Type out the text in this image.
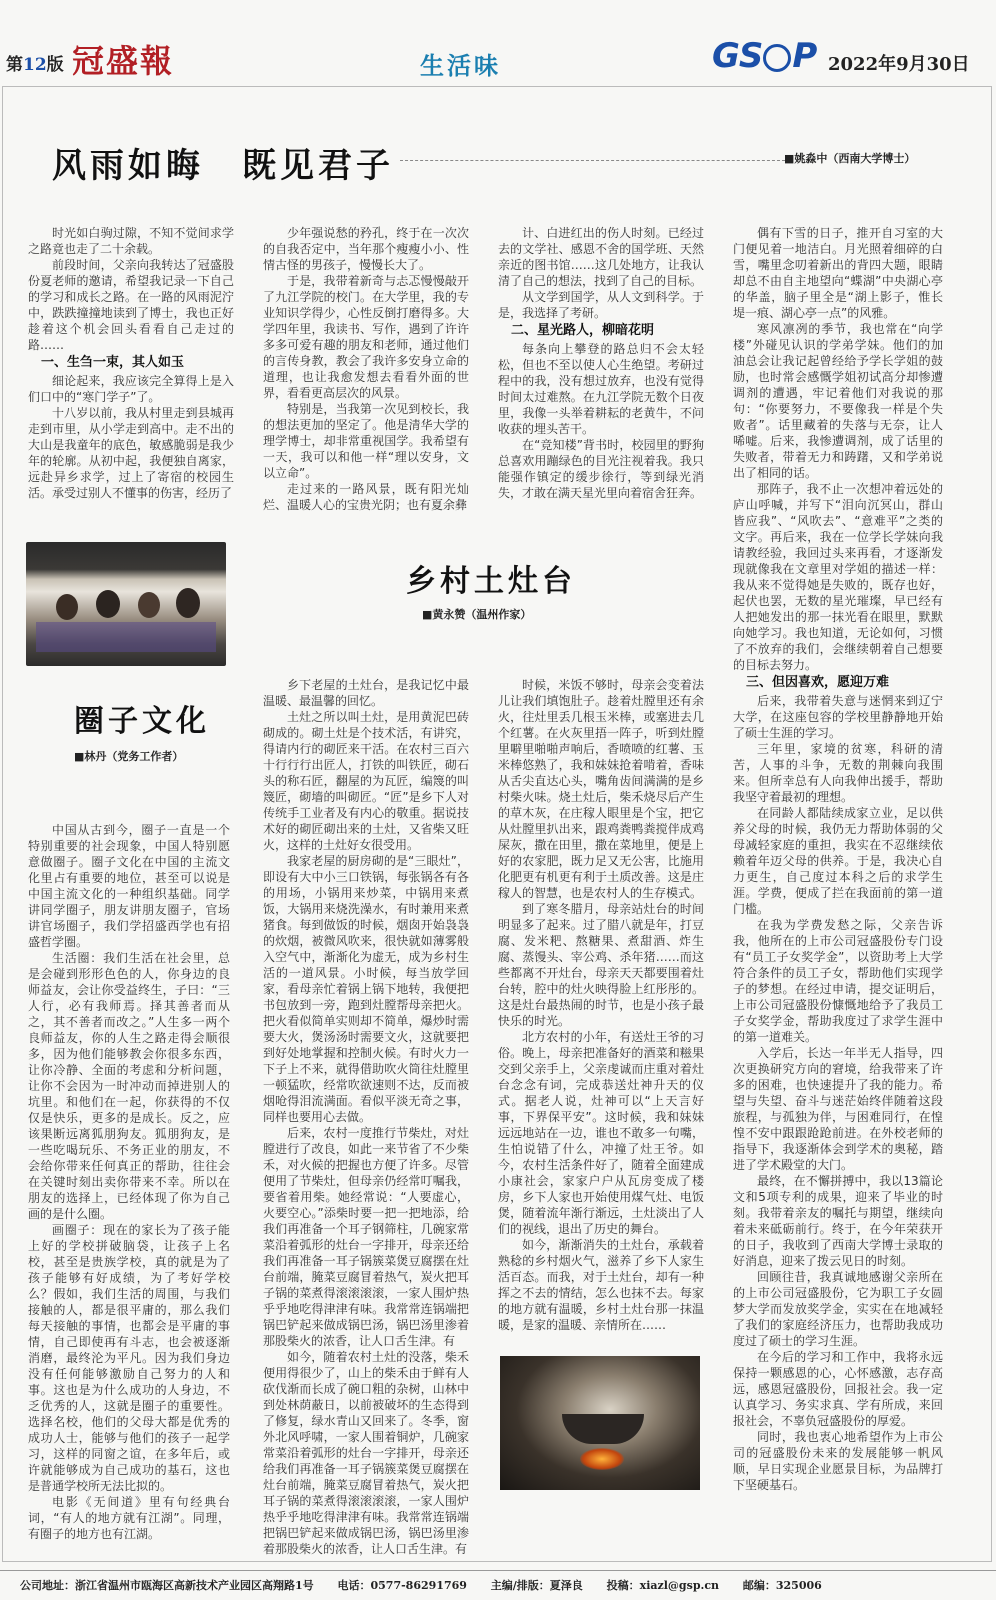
第12版 冠盛報	生活味	GS P 2022年9月30日
风雨如晦　既见君子	■姚淼中（西南大学博士）

时光如白驹过隙，不知不觉间求学之路竟也走了二十余载。

前段时间，父亲向我转达了冠盛股份夏老师的邀请，希望我记录一下自己的学习和成长之路。在一路的风雨泥泞中，跌跌撞撞地读到了博士，我也正好趁着这个机会回头看看自己走过的路……

一、生刍一束，其人如玉

细论起来，我应该完全算得上是入们口中的“寒门学子”了。

十八岁以前，我从村里走到县城再走到市里，从小学走到高中。走不出的大山是我童年的底色，敏感脆弱是我少年的轮廓。从初中起，我便独自离家，远赴异乡求学，过上了寄宿的校园生活。承受过别人不懂事的伤害，经历了

少年强说愁的矜孔，终于在一次次的自我否定中，当年那个瘦瘦小小、性情古怪的男孩子，慢慢长大了。

于是，我带着新奇与忐忑慢慢敲开了九江学院的校门。在大学里，我的专业知识学得少，心性反倒打磨得多。大学四年里，我读书、写作，遇到了许许多多可爱有趣的朋友和老师，通过他们的言传身教，教会了我许多安身立命的道理，也让我愈发想去看看外面的世界，看看更高层次的风景。

特别是，当我第一次见到校长，我的想法更加的坚定了。他是清华大学的理学博士，却非常重视国学。我希望有一天，我可以和他一样“理以安身，文以立命”。

走过来的一路风景，既有阳光灿烂、温暖人心的宝贵光阴；也有夏余彝

计、白进红出的伤人时刻。已经过去的文学社、感恩不舍的国学班、天然亲近的图书馆……这几处地方，让我认清了自己的想法，找到了自己的目标。

从文学到国学，从人文到科学。于是，我选择了考研。

二、星光路人，柳暗花明

每条向上攀登的路总归不会太轻松，但也不至以使人心生绝望。考研过程中的我，没有想过放弃，也没有觉得时间太过难熬。在九江学院无数个日夜里，我像一头举着耕耘的老黄牛，不问收获的埋头苦干。

在“竞知楼”背书时，校园里的野狗总喜欢用蹦绿色的目光注视着我。我只能强作镇定的缓步徐行，等到绿光消失，才敢在满天星光里向着宿舍狂奔。

偶有下雪的日子，推开自习室的大门便见着一地洁白。月光照着细碎的白雪，嘴里念叨着新出的背四大题，眼睛却总不由自主地望向“蝶湖”中央湖心亭的华盖，脑子里全是“湖上影子，惟长堤一痕、湖心亭一点”的风雅。

寒风凛冽的季节，我也常在“向学楼”外碰见认识的学弟学妹。他们的加油总会让我记起曾经给予学长学姐的鼓励，也时常会感慨学姐初试高分却惨遭调剂的遭遇，牢记着他们对我说的那句：“你要努力，不要像我一样是个失败者”。话里藏着的失落与无奈，让人唏嘘。后来，我惨遭调剂，成了话里的失败者，带着无力和踌躇，又和学弟说出了相同的话。

那阵子，我不止一次想冲着远处的庐山呼喊，并写下“泪向沉冥山，群山皆应我”、“风吹去”、“意难平”之类的文字。再后来，我在一位学长学妹向我请教经验，我回过头来再看，才逐渐发现就像我在文章里对学姐的描述一样：我从来不觉得她是失败的，既存也好，起伏也罢，无数的星光璀璨，早已经有人把她发出的那一抹光看在眼里，默默向她学习。我也知道，无论如何，习惯了不放弃的我们，会继续朝着自己想要的目标去努力。

三、但因喜欢，愿迎万难

后来，我带着失意与迷惘来到辽宁大学，在这座包容的学校里静静地开始了硕士生涯的学习。

三年里，家境的贫寒，科研的清苦，人事的斗争，无数的荆棘向我围来。但所幸总有人向我伸出援手，帮助我坚守着最初的理想。

在同龄人都陆续成家立业，足以供养父母的时候，我仍无力帮助体弱的父母减轻家庭的重担，我实在不忍继续依赖着年迈父母的供养。于是，我决心自力更生，自己度过本科之后的求学生涯。学费，便成了拦在我面前的第一道门槛。

在我为学费发愁之际，父亲告诉我，他所在的上市公司冠盛股份专门设有“员工子女奖学金”，以资助考上大学符合条件的员工子女，帮助他们实现学子的梦想。在经过申请，提交证明后，上市公司冠盛股份慷慨地给予了我员工子女奖学金，帮助我度过了求学生涯中的第一道难关。

入学后，长达一年半无人指导，四次更换研究方向的窘境，给我带来了许多的困难，也快速提升了我的能力。希望与失望、奋斗与迷茫始终伴随着这段旅程，与孤独为伴，与困难同行，在惶惶不安中跟跟跄跄前进。在外校老师的指导下，我逐渐体会到学术的奥秘，踏进了学术殿堂的大门。

最终，在不懈拼搏中，我以13篇论文和5项专利的成果，迎来了毕业的时刻。我带着亲友的嘱托与期望，继续向着未来砥砺前行。终于，在今年荣获开的日子，我收到了西南大学博士录取的好消息，迎来了拨云见日的时刻。

回顾往昔，我真诚地感谢父亲所在的上市公司冠盛股份，它为职工子女圆梦大学而发放奖学金，实实在在地减轻了我们的家庭经济压力，也帮助我成功度过了硕士的学习生涯。

在今后的学习和工作中，我将永远保持一颗感恩的心，心怀感激，志存高远，感恩冠盛股份，回报社会。我一定认真学习、务实求真、学有所成，来回报社会，不辜负冠盛股份的厚爱。

同时，我也衷心地希望作为上市公司的冠盛股份未来的发展能够一帆风顺，早日实现企业愿景目标，为品牌打下坚硬基石。

乡村土灶台
■黄永赞（温州作家）

乡下老屋的土灶台，是我记忆中最温暖、最温馨的回忆。

土灶之所以叫土灶，是用黄泥巴砖砌成的。砌土灶是个技术活，有讲究，得请内行的砌匠来干活。在农村三百六十行行行出匠人，打铁的叫铁匠，砌石头的称石匠，翻屋的为瓦匠，编篾的叫篾匠，砌墙的叫砌匠。“匠”是乡下人对传统手工业者及有内心的敬重。据说技术好的砌匠砌出来的土灶，又省柴又旺火，这样的土灶好女很受用。

我家老屋的厨房砌的是“三眼灶”，即设有大中小三口铁锅，每张锅各有各的用场，小锅用来炒菜，中锅用来煮饭，大锅用来烧洗澡水，有时兼用来煮猪食。每到做饭的时候，烟囱开始袅袅的炊烟，被微风吹来，很快就如薄雾般入空气中，渐渐化为虚无，成为乡村生活的一道风景。小时候，每当放学回家，看母亲忙着锅上锅下地转，我便把书包放到一旁，跑到灶膛帮母亲把火。把火看似简单实则却不简单，爆炒时需要大火，煲汤汤时需要文火，这就要把到好处地掌握和控制火候。有时火力一下子上不来，就得借助吹火筒往灶膛里一顿猛吹，经常吹欲速则不达，反而被烟呛得泪流满面。看似平淡无奇之事，同样也要用心去做。

后来，农村一度推行节柴灶，对灶膛进行了改良，如此一来节省了不少柴禾，对火候的把握也方便了许多。尽管便用了节柴灶，但母亲仍经常叮嘱我，要省着用柴。她经常说：“人要虚心，火要空心。”添柴时要一把一把地添，给我们再准备一个耳子钢筛柱，几碗家常菜沿着弧形的灶台一字排开，母亲还给我们再准备一耳子锅簇菜煲豆腐摆在灶台前端，腌菜豆腐冒着热气，炭火把耳子锅的菜煮得滚滚滚滚，一家人围炉热乎乎地吃得津津有味。我常常连锅端把锅巴铲起来做成锅巴汤，锅巴汤里渗着那股柴火的浓香，让人口舌生津。有

如今，随着农村土灶的没落，柴禾便用得很少了，山上的柴禾由于鲜有人砍伐渐而长成了碗口粗的杂树，山林中到处林荫蔽日，以前被破坏的生态得到了修复，绿水青山又回来了。冬季，窗外北风呼啸，一家人围着铜炉，几碗家常菜沿着弧形的灶台一字排开，母亲还给我们再准备一耳子锅簇菜煲豆腐摆在灶台前端，腌菜豆腐冒着热气，炭火把耳子锅的菜煮得滚滚滚滚，一家人围炉热乎乎地吃得津津有味。我常常连锅端把锅巴铲起来做成锅巴汤，锅巴汤里渗着那股柴火的浓香，让人口舌生津。有

时候，米饭不够时，母亲会变着法儿让我们填饱肚子。趁着灶膛里还有余火，往灶里丢几根玉米棒，或塞进去几个红薯。在火灰里捂一阵子，听到灶膛里噼里啪啪声响后，香喷喷的红薯、玉米棒悠熟了，我和妹妹抢着啃着，香味从舌尖直达心头，嘴角齿间满满的是乡村柴火味。烧土灶后，柴禾烧尽后产生的草木灰，在庄稼人眼里是个宝，把它从灶膛里扒出来，跟鸡粪鸭粪搅伴成鸡屎灰，撒在田里，撒在菜地里，便是上好的农家肥，既力足又无公害，比施用化肥更有机更有利于土质改善。这是庄稼人的智慧，也是农村人的生存模式。

到了寒冬腊月，母亲站灶台的时间明显多了起来。过了腊八就是年，打豆腐、发米粑、熬糖果、煮甜酒、炸生腐、蒸馒头、宰公鸡、杀年猪……而这些都离不开灶台，母亲天天都要围着灶台转，腔中的灶火映得脸上红彤彤的。这是灶台最热闹的时节，也是小孩子最快乐的时光。

北方农村的小年，有送灶王爷的习俗。晚上，母亲把准备好的酒菜和糍果交到父亲手上，父亲虔诚而庄重对着灶台念念有词，完成恭送灶神升天的仪式。据老人说，灶神可以“上天言好事，下界保平安”。这时候，我和妹妹远远地站在一边，谁也不敢多一句嘴，生怕说错了什么，冲撞了灶王爷。如今，农村生活条件好了，随着全面建成小康社会，家家户户从瓦房变成了楼房，乡下人家也开始使用煤气灶、电饭煲，随着流年渐行渐远，土灶淡出了人们的视线，退出了历史的舞台。

如今，渐渐消失的土灶台，承载着熟稔的乡村烟火气，滋养了乡下人家生活百态。而我，对于土灶台，却有一种挥之不去的情结，怎么也抹不去。每家的地方就有温暖，乡村土灶台那一抹温暖，是家的温暖、亲情所在……

圈子文化
■林丹（党务工作者）

中国从古到今，圈子一直是一个特别重要的社会现象，中国人特别愿意做圈子。圈子文化在中国的主流文化里占有重要的地位，甚至可以说是中国主流文化的一种组织基础。同学讲同学圈子，朋友讲朋友圈子，官场讲官场圈子，我们学招盛西学也有招盛哲学圈。

生活圈：我们生活在社会里，总是会碰到形形色色的人，你身边的良师益友，会让你受益终生，子曰：“三人行，必有我师焉。择其善者而从之，其不善者而改之。”人生多一两个良师益友，你的人生之路走得会顺很多，因为他们能够教会你很多东西，让你冷静、全面的考虑和分析问题，让你不会因为一时冲动而掉进别人的坑里。和他们在一起，你获得的不仅仅是快乐，更多的是成长。反之，应该果断远离狐朋狗友。狐朋狗友，是一些吃喝玩乐、不务正业的朋友，不会给你带来任何真正的帮助，往往会在关键时刻出卖你带来不幸。所以在朋友的选择上，已经体现了你为自己画的是什么圈。

画圈子：现在的家长为了孩子能上好的学校拼破脑袋，让孩子上名校，甚至是贵族学校，真的就是为了孩子能够有好成绩，为了考好学校么？假如，我们生活的周围，与我们接触的人，都是很平庸的，那么我们每天接触的事情，也都会是平庸的事情，自己即使再有斗志，也会被逐渐消磨，最终沦为平凡。因为我们身边没有任何能够激励自己努力的人和事。这也是为什么成功的人身边，不乏优秀的人，这就是圈子的重要性。选择名校，他们的父母大都是优秀的成功人士，能够与他们的孩子一起学习，这样的同窗之谊，在多年后，或许就能够成为自己成功的基石，这也是普通学校所无法比拟的。

电影《无间道》里有句经典台词，“有人的地方就有江湖”。同理，有圈子的地方也有江湖。

公司地址：浙江省温州市瓯海区高新技术产业园区高翔路1号 电话：0577-86291769 主编/排版：夏泽良 投稿：xiazl@gsp.cn 邮编：325006
